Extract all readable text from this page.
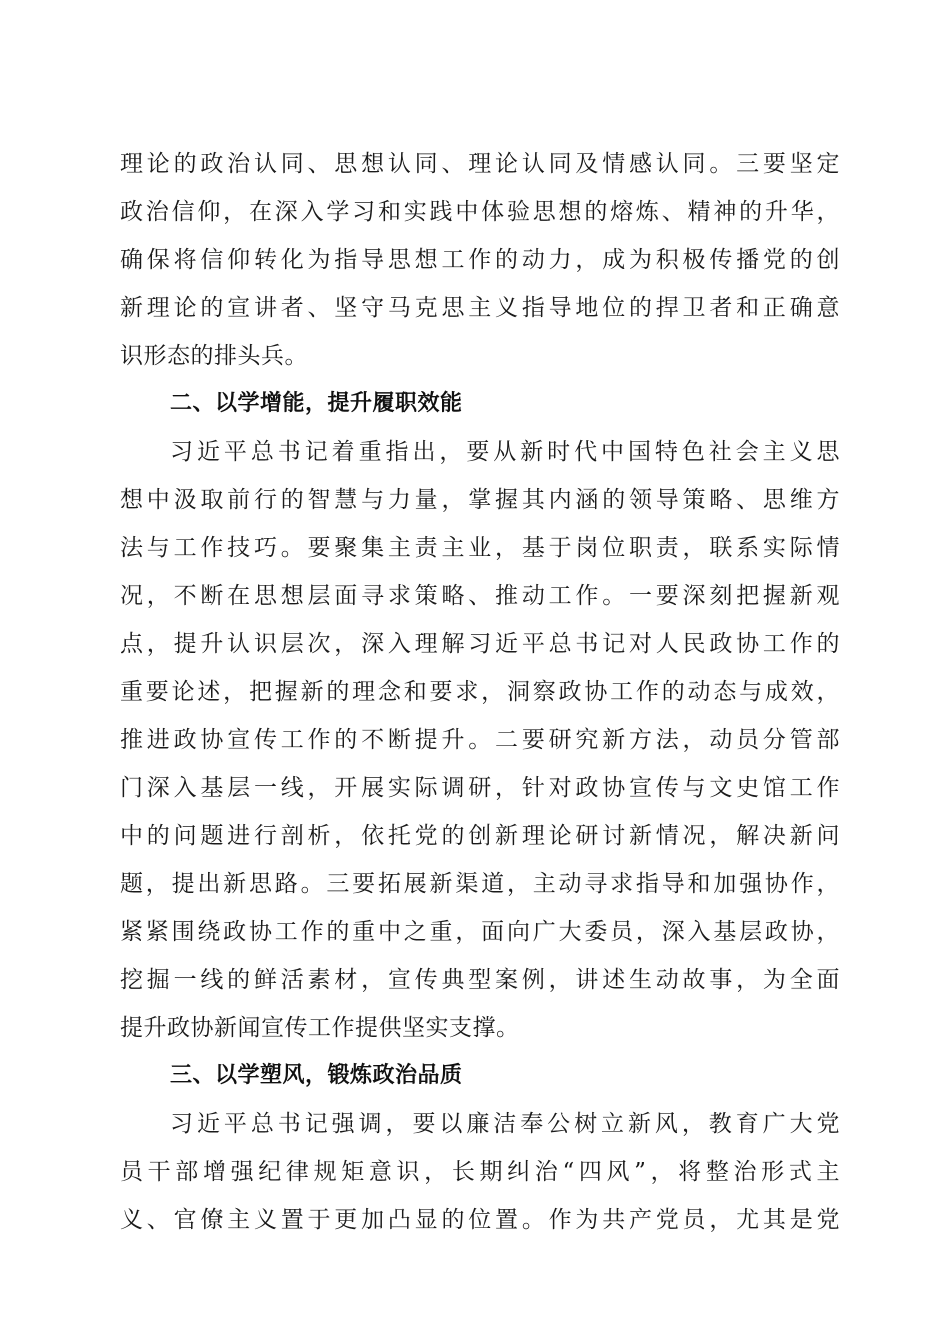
理论的政治认同、思想认同、理论认同及情感认同。三要坚定
政治信仰，在深入学习和实践中体验思想的熔炼、精神的升华，
确保将信仰转化为指导思想工作的动力，成为积极传播党的创
新理论的宣讲者、坚守马克思主义指导地位的捍卫者和正确意
识形态的排头兵。
二、以学增能，提升履职效能
习近平总书记着重指出，要从新时代中国特色社会主义思
想中汲取前行的智慧与力量，掌握其内涵的领导策略、思维方
法与工作技巧。要聚集主责主业，基于岗位职责，联系实际情
况，不断在思想层面寻求策略、推动工作。一要深刻把握新观
点，提升认识层次，深入理解习近平总书记对人民政协工作的
重要论述，把握新的理念和要求，洞察政协工作的动态与成效，
推进政协宣传工作的不断提升。二要研究新方法，动员分管部
门深入基层一线，开展实际调研，针对政协宣传与文史馆工作
中的问题进行剖析，依托党的创新理论研讨新情况，解决新问
题，提出新思路。三要拓展新渠道，主动寻求指导和加强协作，
紧紧围绕政协工作的重中之重，面向广大委员，深入基层政协，
挖掘一线的鲜活素材，宣传典型案例，讲述生动故事，为全面
提升政协新闻宣传工作提供坚实支撑。
三、以学塑风，锻炼政治品质
习近平总书记强调，要以廉洁奉公树立新风，教育广大党
员干部增强纪律规矩意识，长期纠治“四风”，将整治形式主
义、官僚主义置于更加凸显的位置。作为共产党员，尤其是党
